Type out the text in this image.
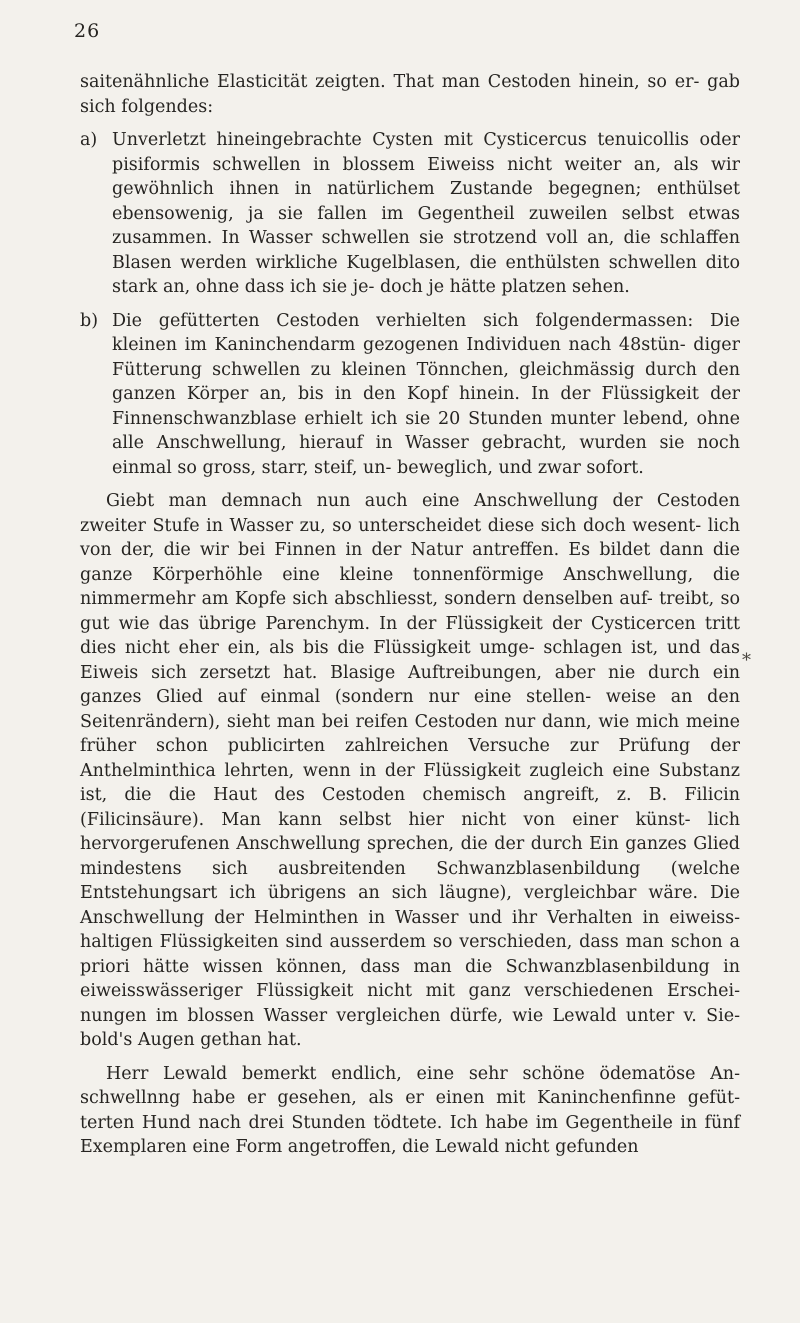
26

saitenähnliche Elasticität zeigten. That man Cestoden hinein, so er- gab sich folgendes:

a) Unverletzt hineingebrachte Cysten mit Cysticercus tenuicollis oder pisiformis schwellen in blossem Eiweiss nicht weiter an, als wir gewöhnlich ihnen in natürlichem Zustande begegnen; enthülset ebensowenig, ja sie fallen im Gegentheil zuweilen selbst etwas zusammen. In Wasser schwellen sie strotzend voll an, die schlaffen Blasen werden wirkliche Kugelblasen, die enthülsten schwellen dito stark an, ohne dass ich sie je- doch je hätte platzen sehen.
b) Die gefütterten Cestoden verhielten sich folgendermassen: Die kleinen im Kaninchendarm gezogenen Individuen nach 48stün- diger Fütterung schwellen zu kleinen Tönnchen, gleichmässig durch den ganzen Körper an, bis in den Kopf hinein. In der Flüssigkeit der Finnenschwanzblase erhielt ich sie 20 Stunden munter lebend, ohne alle Anschwellung, hierauf in Wasser gebracht, wurden sie noch einmal so gross, starr, steif, un- beweglich, und zwar sofort.

Giebt man demnach nun auch eine Anschwellung der Cestoden zweiter Stufe in Wasser zu, so unterscheidet diese sich doch wesent- lich von der, die wir bei Finnen in der Natur antreffen. Es bildet dann die ganze Körperhöhle eine kleine tonnenförmige Anschwellung, die nimmermehr am Kopfe sich abschliesst, sondern denselben auf- treibt, so gut wie das übrige Parenchym. In der Flüssigkeit der Cysticercen tritt dies nicht eher ein, als bis die Flüssigkeit umge- schlagen ist, und das Eiweis sich zersetzt hat. Blasige Auftreibungen, aber nie durch ein ganzes Glied auf einmal (sondern nur eine stellen- weise an den Seitenrändern), sieht man bei reifen Cestoden nur dann, wie mich meine früher schon publicirten zahlreichen Versuche zur Prüfung der Anthelminthica lehrten, wenn in der Flüssigkeit zugleich eine Substanz ist, die die Haut des Cestoden chemisch angreift, z. B. Filicin (Filicinsäure). Man kann selbst hier nicht von einer künst- lich hervorgerufenen Anschwellung sprechen, die der durch Ein ganzes Glied mindestens sich ausbreitenden Schwanzblasenbildung (welche Entstehungsart ich übrigens an sich läugne), vergleichbar wäre. Die Anschwellung der Helminthen in Wasser und ihr Verhalten in eiweiss- haltigen Flüssigkeiten sind ausserdem so verschieden, dass man schon a priori hätte wissen können, dass man die Schwanzblasenbildung in eiweisswässeriger Flüssigkeit nicht mit ganz verschiedenen Erschei- nungen im blossen Wasser vergleichen dürfe, wie Lewald unter v. Sie- bold's Augen gethan hat.

Herr Lewald bemerkt endlich, eine sehr schöne ödematöse An- schwellnng habe er gesehen, als er einen mit Kaninchenfinne gefüt- terten Hund nach drei Stunden tödtete. Ich habe im Gegentheile in fünf Exemplaren eine Form angetroffen, die Lewald nicht gefunden

*
